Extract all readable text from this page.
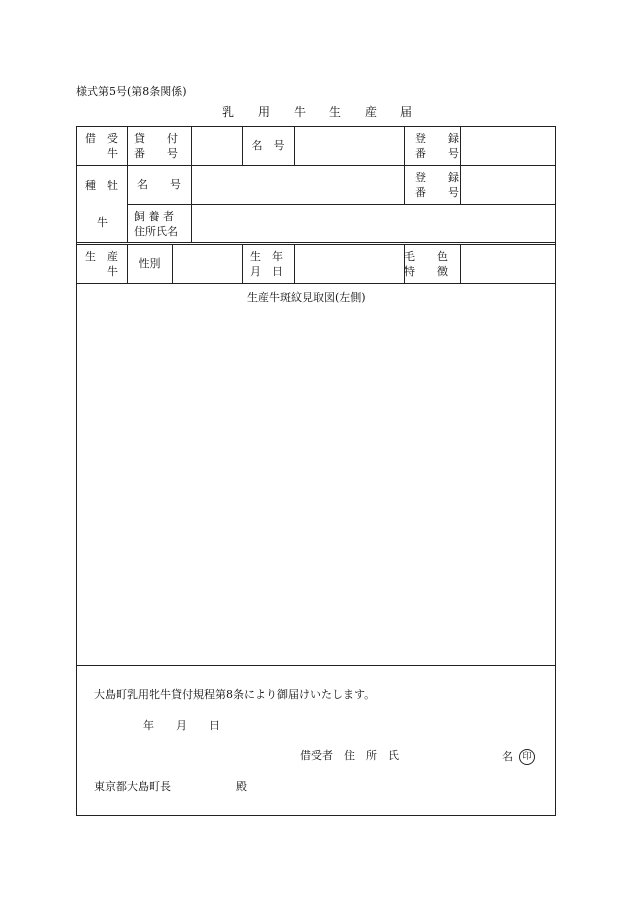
様式第5号(第8条関係)
乳 用 牛 生 産 届
借　受
　　牛
貸　　付
番　　号
名　号
登　　録
番　　号
種　牡
牛
名　　号
登　　録
番　　号
飼 養 者
住所氏名
生　産
　　牛
性別
生　年
月　日
毛　　色
特　　徴
生産牛斑紋見取図(左側)
大島町乳用牝牛貸付規程第8条により御届けいたします。
年　　月　　日
借受者　住　所　氏	名 印
東京都大島町長	殿
